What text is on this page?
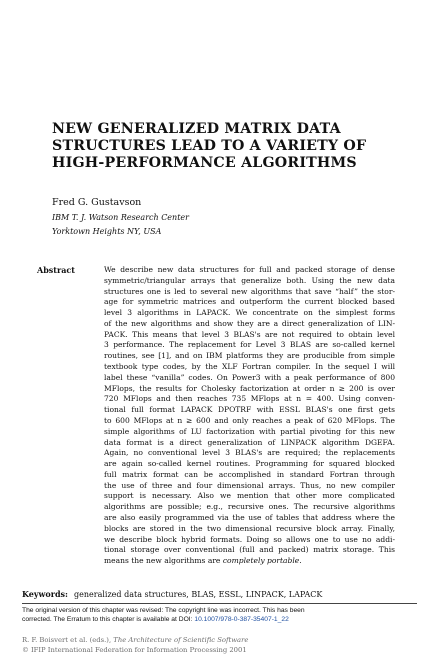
NEW GENERALIZED MATRIX DATA
STRUCTURES LEAD TO A VARIETY OF
HIGH-PERFORMANCE ALGORITHMS
Fred G. Gustavson
IBM T. J. Watson Research Center
Yorktown Heights NY, USA
Abstract	We describe new data structures for full and packed storage of dense
symmetric/triangular arrays that generalize both. Using the new data
structures one is led to several new algorithms that save “half” the stor-
age for symmetric matrices and outperform the current blocked based
level 3 algorithms in LAPACK. We concentrate on the simplest forms
of the new algorithms and show they are a direct generalization of LIN-
PACK. This means that level 3 BLAS's are not required to obtain level
3 performance. The replacement for Level 3 BLAS are so-called kernel
routines, see [1], and on IBM platforms they are producible from simple
textbook type codes, by the XLF Fortran compiler. In the sequel I will
label these “vanilla” codes. On Power3 with a peak performance of 800
MFlops, the results for Cholesky factorization at order n ≥ 200 is over
720 MFlops and then reaches 735 MFlops at n = 400. Using conven-
tional full format LAPACK DPOTRF with ESSL BLAS's one first gets
to 600 MFlops at n ≥ 600 and only reaches a peak of 620 MFlops. The
simple algorithms of LU factorization with partial pivoting for this new
data format is a direct generalization of LINPACK algorithm DGEFA.
Again, no conventional level 3 BLAS's are required; the replacements
are again so-called kernel routines. Programming for squared blocked
full matrix format can be accomplished in standard Fortran through
the use of three and four dimensional arrays. Thus, no new compiler
support is necessary. Also we mention that other more complicated
algorithms are possible; e.g., recursive ones. The recursive algorithms
are also easily programmed via the use of tables that address where the
blocks are stored in the two dimensional recursive block array. Finally,
we describe block hybrid formats. Doing so allows one to use no addi-
tional storage over conventional (full and packed) matrix storage. This
means the new algorithms are completely portable.
Keywords: generalized data structures, BLAS, ESSL, LINPACK, LAPACK
The original version of this chapter was revised: The copyright line was incorrect. This has been
corrected. The Erratum to this chapter is available at DOI: 10.1007/978-0-387-35407-1_22
R. F. Boisvert et al. (eds.), The Architecture of Scientific Software
© IFIP International Federation for Information Processing 2001
